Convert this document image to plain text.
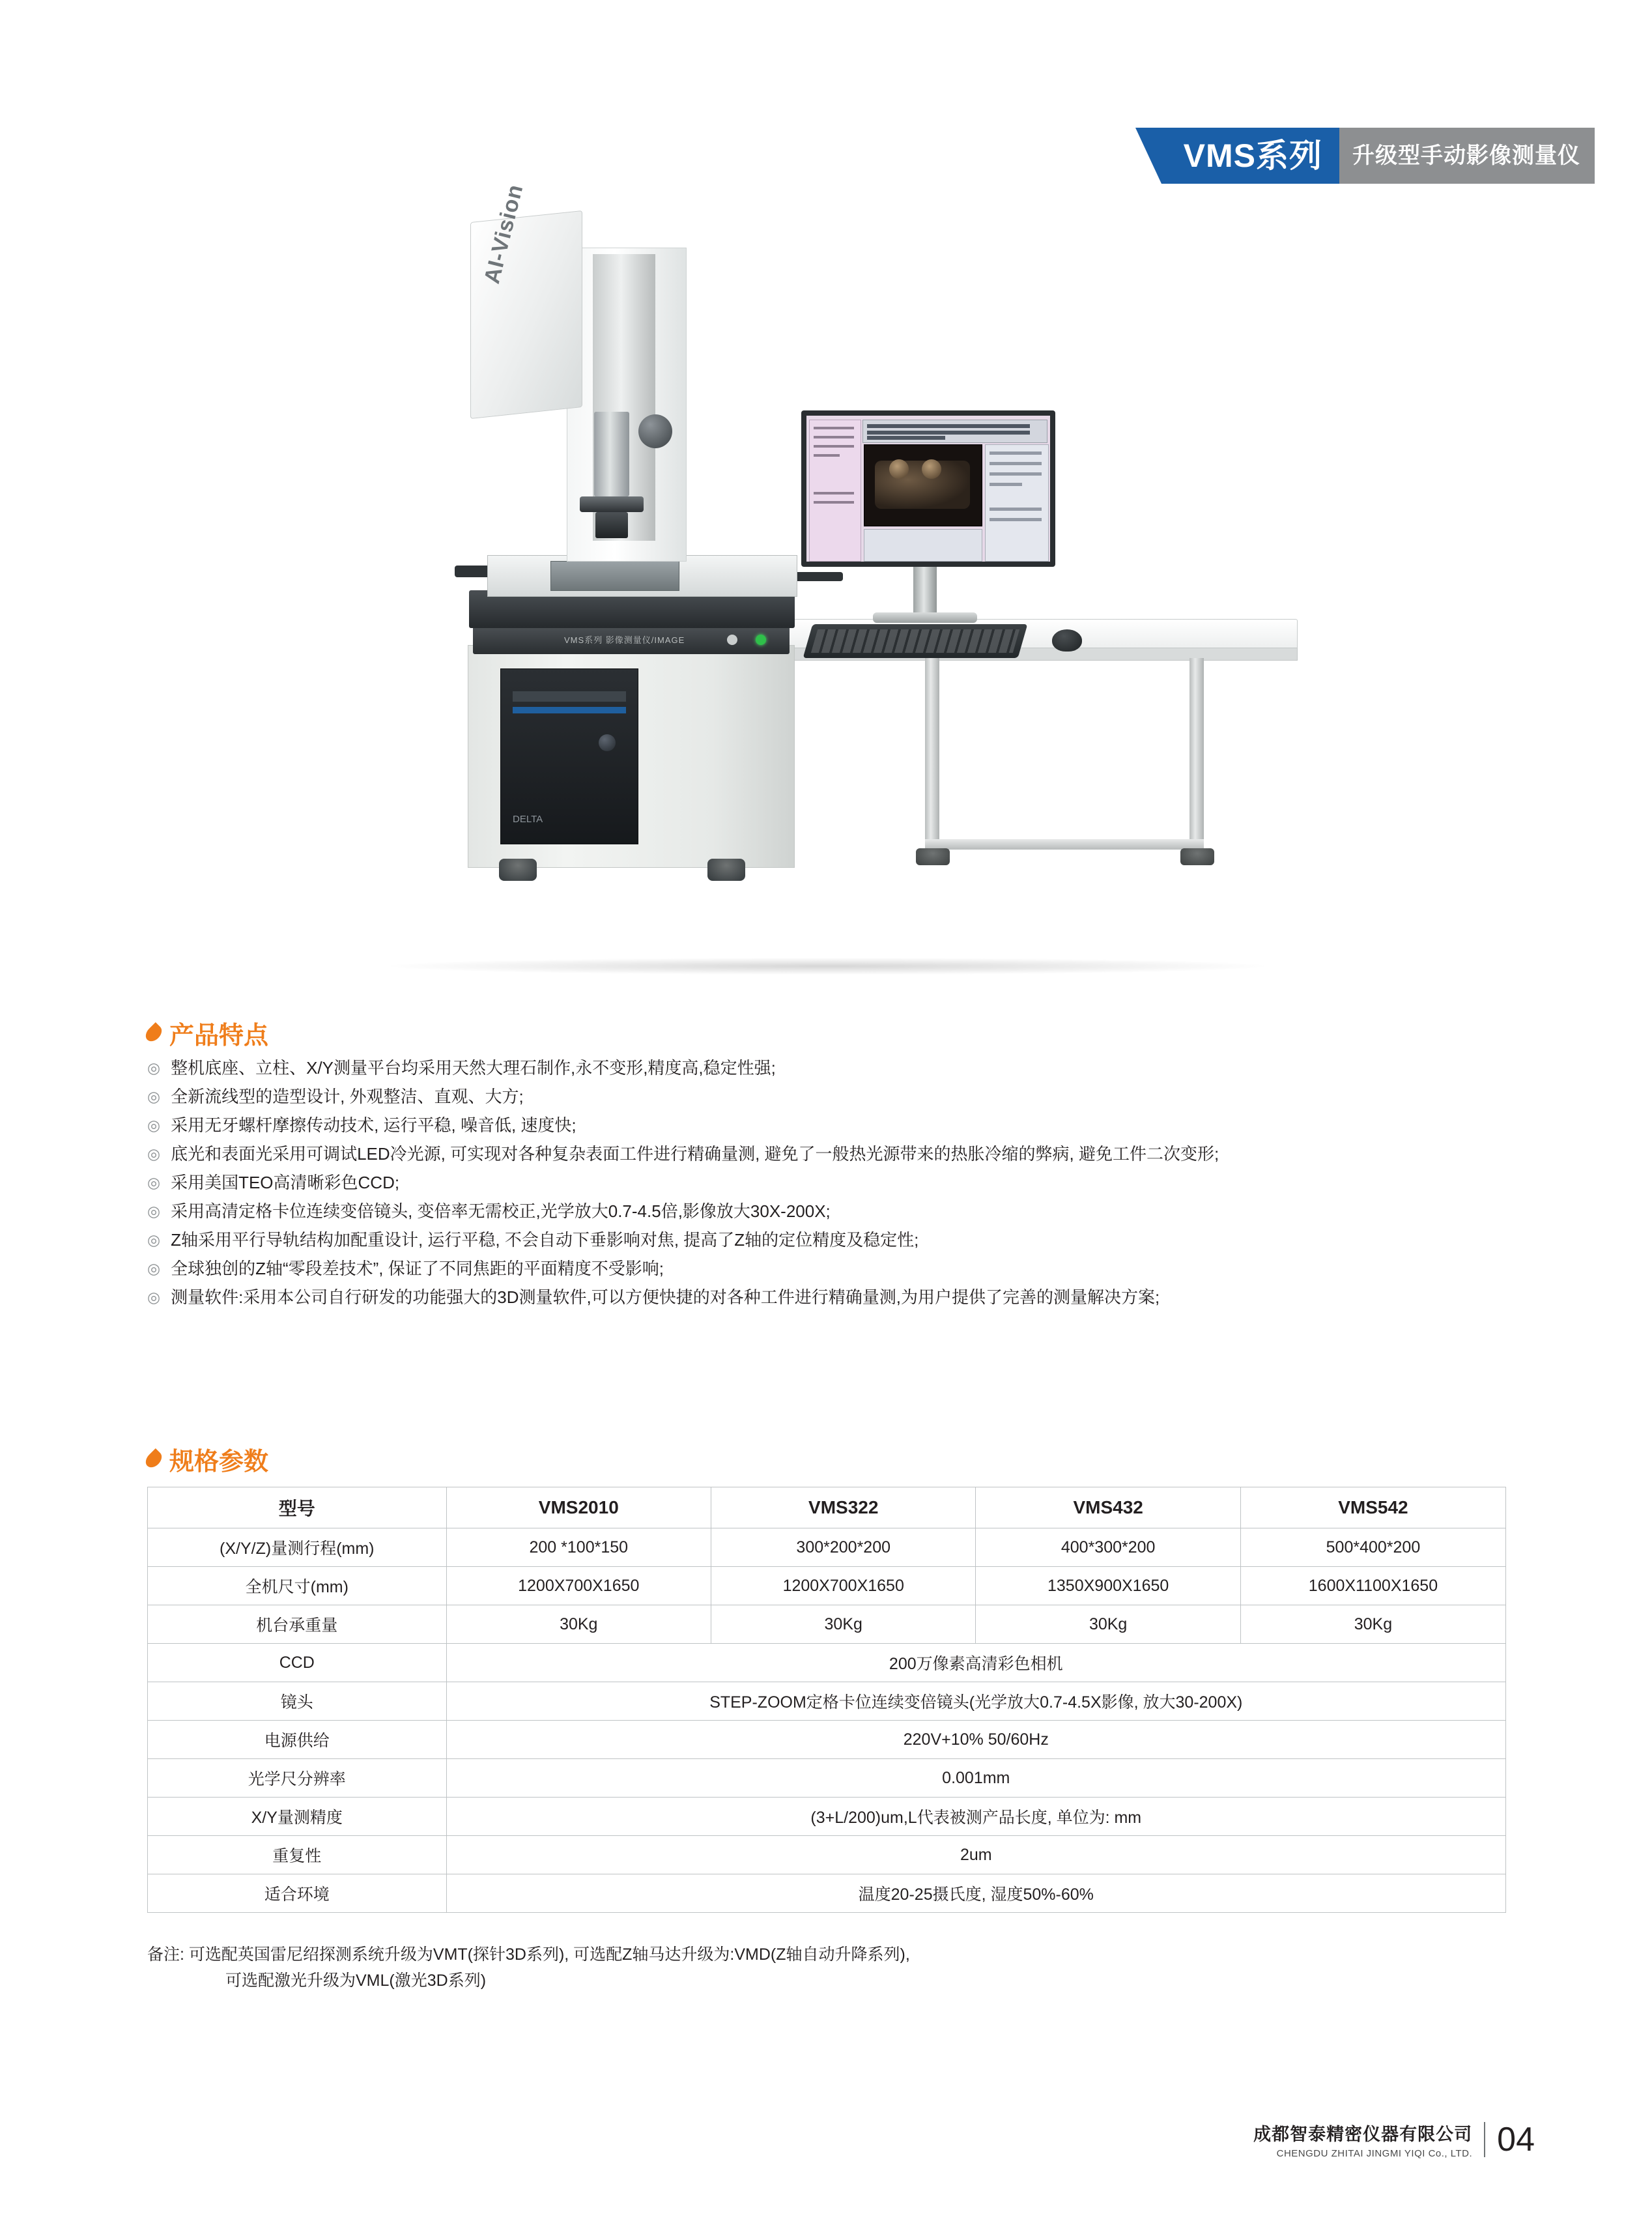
VMS系列 升级型手动影像测量仪
DELTA
VMS系列 影像测量仪/IMAGE
AI-Vision
产品特点
◎ 整机底座、立柱、X/Y测量平台均采用天然大理石制作,永不变形,精度高,稳定性强;
◎ 全新流线型的造型设计, 外观整洁、直观、大方;
◎ 采用无牙螺杆摩擦传动技术, 运行平稳, 噪音低, 速度快;
◎ 底光和表面光采用可调试LED冷光源, 可实现对各种复杂表面工件进行精确量测, 避免了一般热光源带来的热胀冷缩的弊病, 避免工件二次变形;
◎ 采用美国TEO高清晰彩色CCD;
◎ 采用高清定格卡位连续变倍镜头, 变倍率无需校正,光学放大0.7-4.5倍,影像放大30X-200X;
◎ Z轴采用平行导轨结构加配重设计, 运行平稳, 不会自动下垂影响对焦, 提高了Z轴的定位精度及稳定性;
◎ 全球独创的Z轴“零段差技术”, 保证了不同焦距的平面精度不受影响;
◎ 测量软件:采用本公司自行研发的功能强大的3D测量软件,可以方便快捷的对各种工件进行精确量测,为用户提供了完善的测量解决方案;
规格参数
型号	VMS2010	VMS322	VMS432	VMS542
(X/Y/Z)量测行程(mm)	200 *100*150	300*200*200	400*300*200	500*400*200
全机尺寸(mm)	1200X700X1650	1200X700X1650	1350X900X1650	1600X1100X1650
机台承重量	30Kg	30Kg	30Kg	30Kg
CCD	200万像素高清彩色相机			
镜头	STEP-ZOOM定格卡位连续变倍镜头(光学放大0.7-4.5X影像, 放大30-200X)			
电源供给	220V+10% 50/60Hz			
光学尺分辨率	0.001mm			
X/Y量测精度	(3+L/200)um,L代表被测产品长度, 单位为: mm			
重复性	2um			
适合环境	温度20-25摄氏度, 湿度50%-60%			
备注: 可选配英国雷尼绍探测系统升级为VMT(探针3D系列), 可选配Z轴马达升级为:VMD(Z轴自动升降系列),
可选配激光升级为VML(激光3D系列)
成都智泰精密仪器有限公司
CHENGDU ZHITAI JINGMI YIQI Co., LTD. 04
